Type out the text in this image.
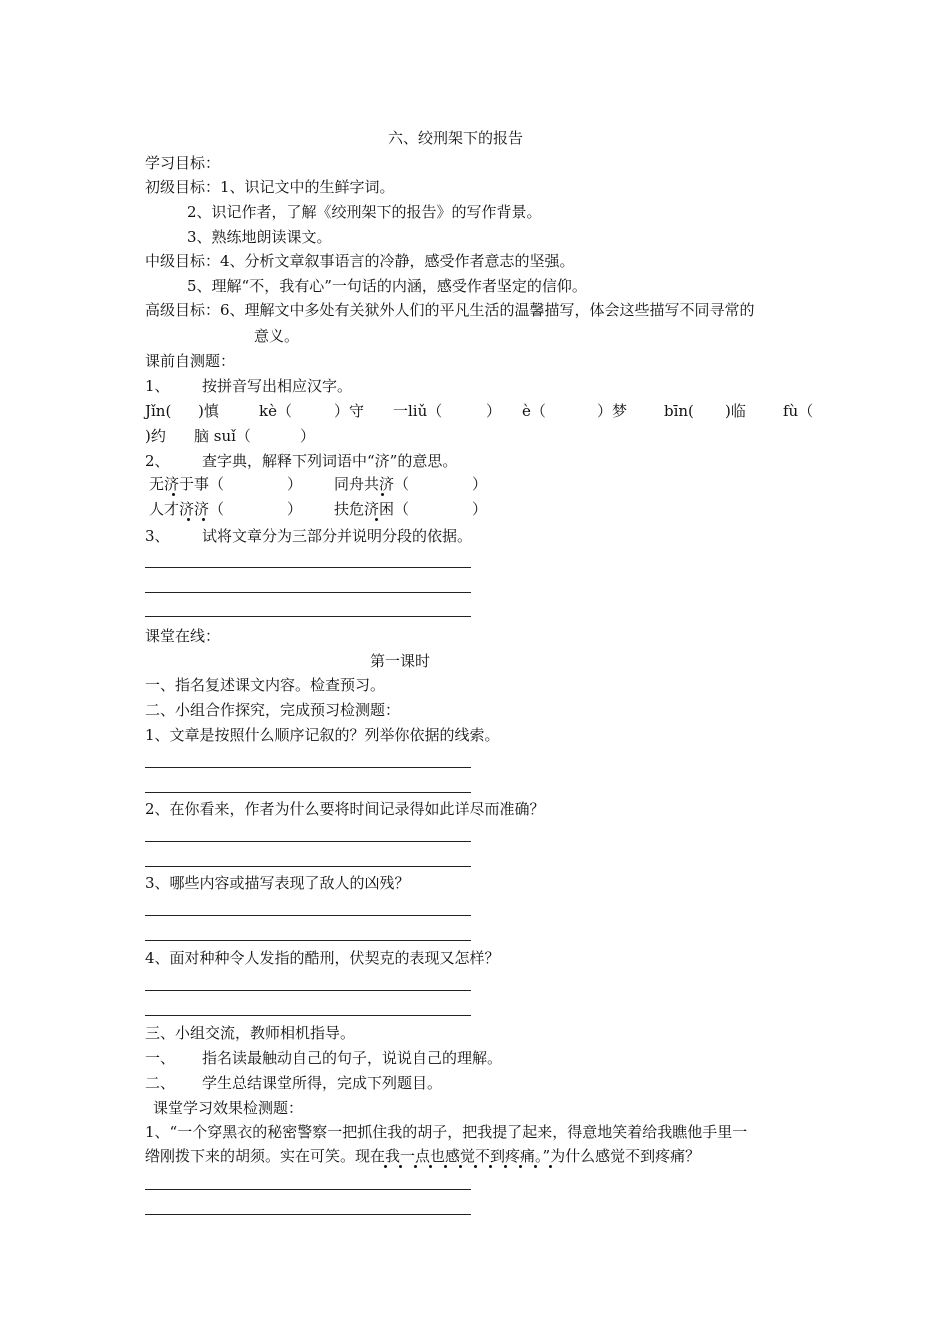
六、绞刑架下的报告
学习目标：
初级目标：1、识记文中的生鲜字词。
2、识记作者，了解《绞刑架下的报告》的写作背景。
3、熟练地朗读课文。
中级目标：4、分析文章叙事语言的冷静，感受作者意志的坚强。
5、理解“不，我有心”一句话的内涵，感受作者坚定的信仰。
高级目标：6、理解文中多处有关狱外人们的平凡生活的温馨描写，体会这些描写不同寻常的
意义。
课前自测题：
1、 按拼音写出相应汉字。
Jǐn( )慎	kè（	）守 一liǔ（	） è（	）梦 bīn( )临 fù（
)约 脑 suǐ（	）
2、 查字典，解释下列词语中“济”的意思。
无济于事（	） 同舟共济（	）
人才济济（	） 扶危济困（	）
3、 试将文章分为三部分并说明分段的依据。
课堂在线：
第一课时
一、指名复述课文内容。检查预习。
二、小组合作探究，完成预习检测题：
1、文章是按照什么顺序记叙的？列举你依据的线索。
2、在你看来，作者为什么要将时间记录得如此详尽而准确？
3、哪些内容或描写表现了敌人的凶残？
4、面对种种令人发指的酷刑，伏契克的表现又怎样？
三、小组交流，教师相机指导。
一、 指名读最触动自己的句子，说说自己的理解。
二、 学生总结课堂所得，完成下列题目。
课堂学习效果检测题：
1、“一个穿黑衣的秘密警察一把抓住我的胡子，把我提了起来，得意地笑着给我瞧他手里一
绺刚拨下来的胡须。实在可笑。现在我一点也感觉不到疼痛。”为什么感觉不到疼痛？
